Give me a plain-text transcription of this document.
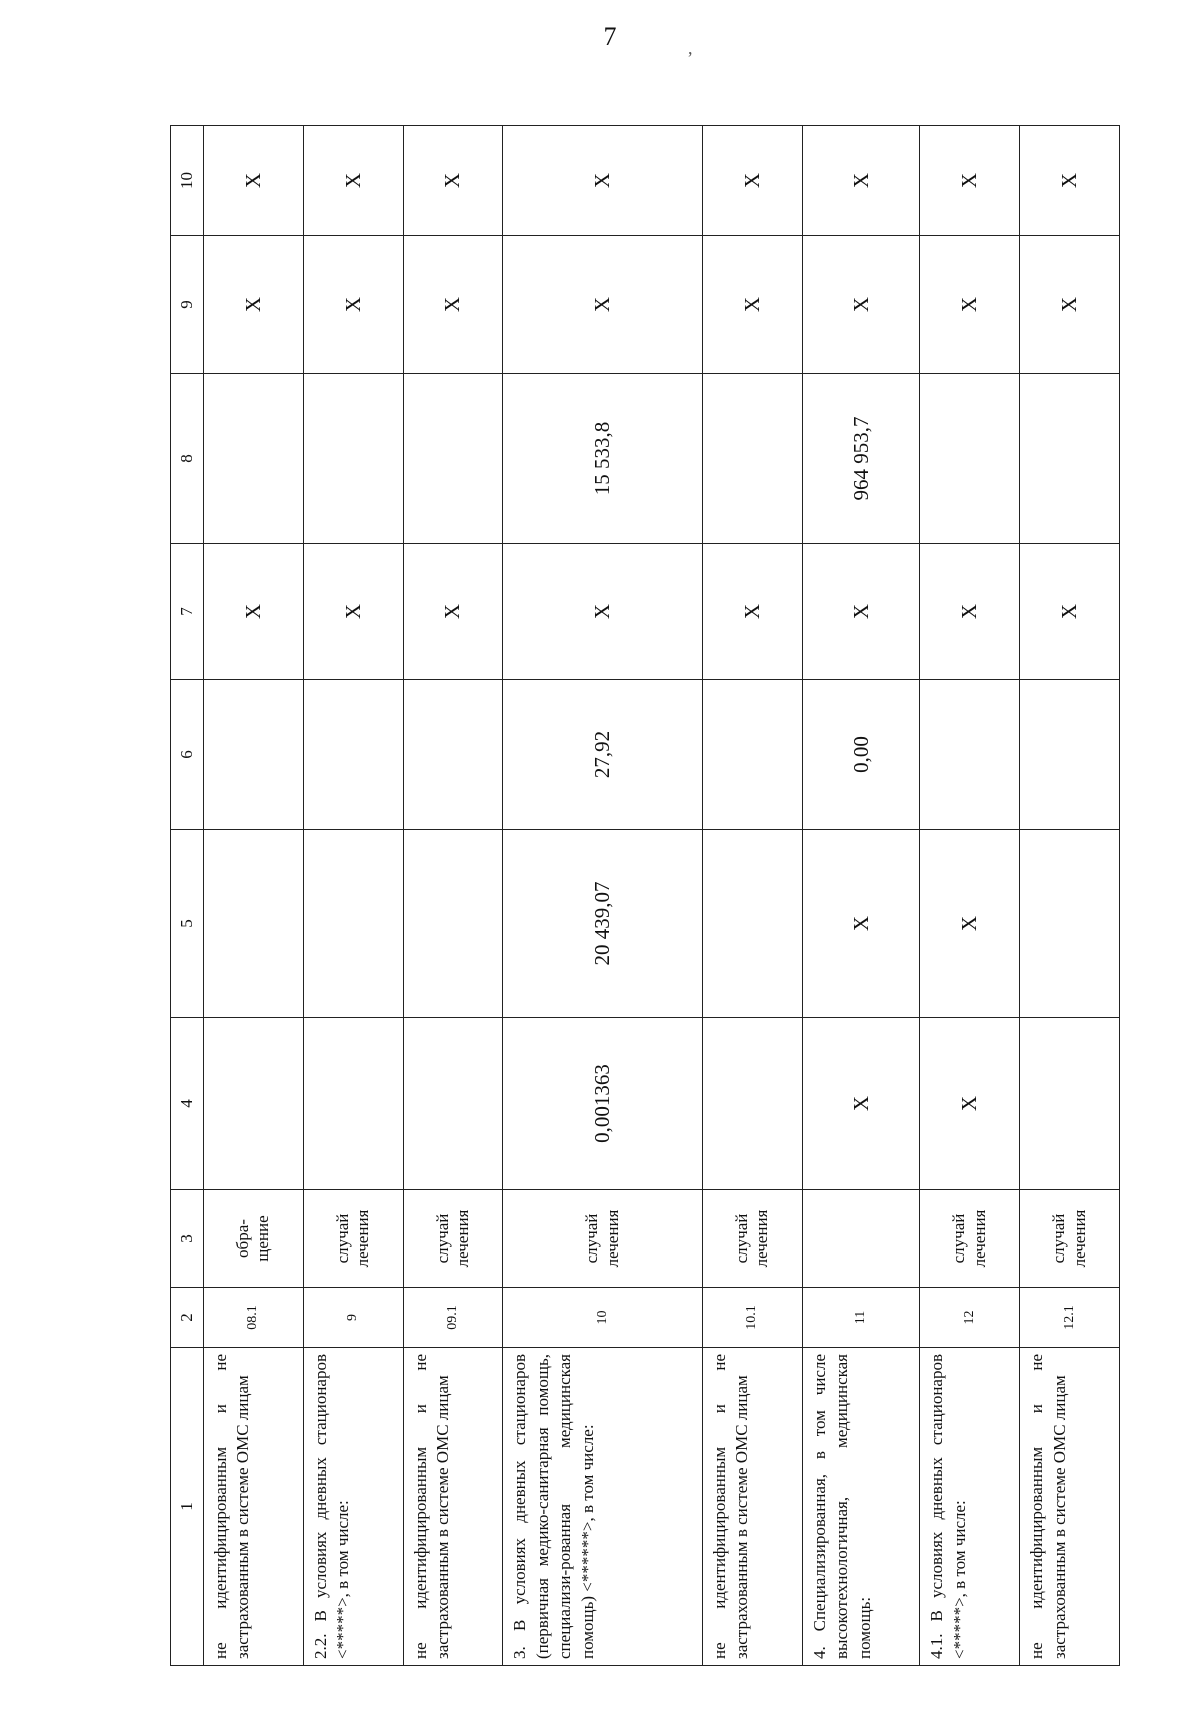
7	,
1	2	3	4	5	6	7	8	9	10
не идентифицированным и не застрахованным в системе ОМС лицам	08.1	обра-щение				X		X	X
2.2. В условиях дневных стационаров <*****>, в том числе:	9	случай лечения				X		X	X
не идентифицированным и не застрахованным в системе ОМС лицам	09.1	случай лечения				X		X	X
3. В условиях дневных стационаров (первичная медико-санитарная помощь, специализи-рованная медицинская помощь) <******>, в том числе:	10	случай лечения	0,001363	20 439,07	27,92	X	15 533,8	X	X
не идентифицированным и не застрахованным в системе ОМС лицам	10.1	случай лечения				X		X	X
4. Специализированная, в том числе высокотехнологичная, медицинская помощь:	11		X	X	0,00	X	964 953,7	X	X
4.1. В условиях дневных стационаров <*****>, в том числе:	12	случай лечения	X	X		X		X	X
не идентифицированным и не застрахованным в системе ОМС лицам	12.1	случай лечения				X		X	X
